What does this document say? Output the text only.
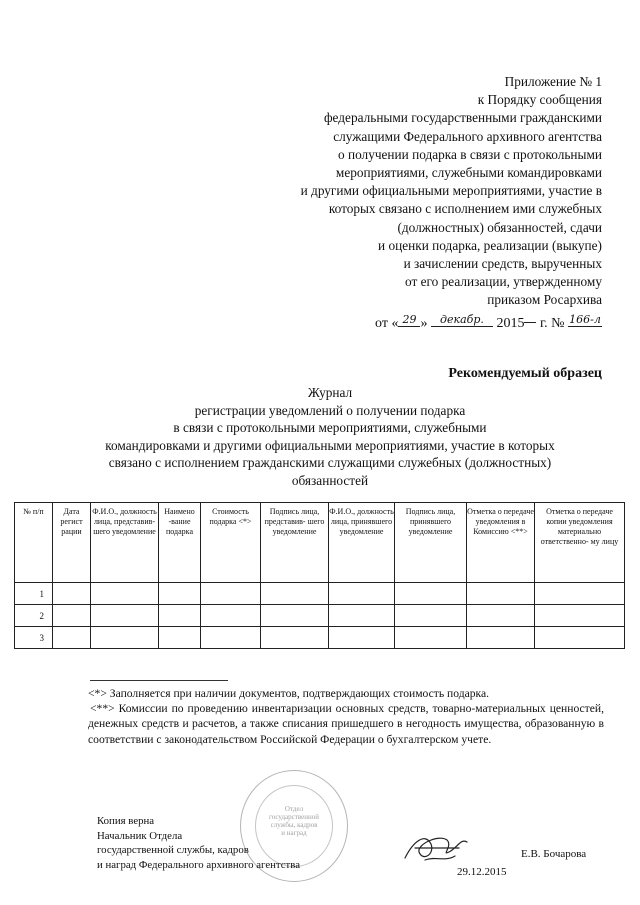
Приложение № 1
к Порядку сообщения
федеральными государственными гражданскими
служащими Федерального архивного агентства
о получении подарка в связи с протокольными
мероприятиями, служебными командировками
и другими официальными мероприятиями, участие в
которых связано с исполнением ими служебных
(должностных) обязанностей, сдачи
и оценки подарка, реализации (выкупе)
и зачислении средств, вырученных
от его реализации, утвержденному
приказом Росархива
от « 29 » декабр. 2015 г. № 166-л
Рекомендуемый образец
Журнал
регистрации уведомлений о получении подарка
в связи с протокольными мероприятиями, служебными
командировками и другими официальными мероприятиями, участие в которых
связано с исполнением гражданскими служащими служебных (должностных)
обязанностей
№ п/п	Дата регист рации	Ф.И.О., должность лица, представив- шего уведомление	Наимено -вание подарка	Стоимость подарка <*>	Подпись лица, представив- шего уведомление	Ф.И.О., должность лица, принявшего уведомление	Подпись лица, принявшего уведомление	Отметка о передаче уведомления в Комиссию <**>	Отметка о передаче копии уведомления материально ответственно- му лицу
1									
2									
3									
<*> Заполняется при наличии документов, подтверждающих стоимость подарка.
<**> Комиссии по проведению инвентаризации основных средств, товарно-материальных ценностей, денежных средств и расчетов, а также списания пришедшего в негодность имущества, образованную в соответствии с законодательством Российской Федерации о бухгалтерском учете.
Отдел
государственной
службы, кадров
и наград
Копия верна
Начальник Отдела
государственной службы, кадров
и наград Федерального архивного агентства
Е.В. Бочарова
29.12.2015
